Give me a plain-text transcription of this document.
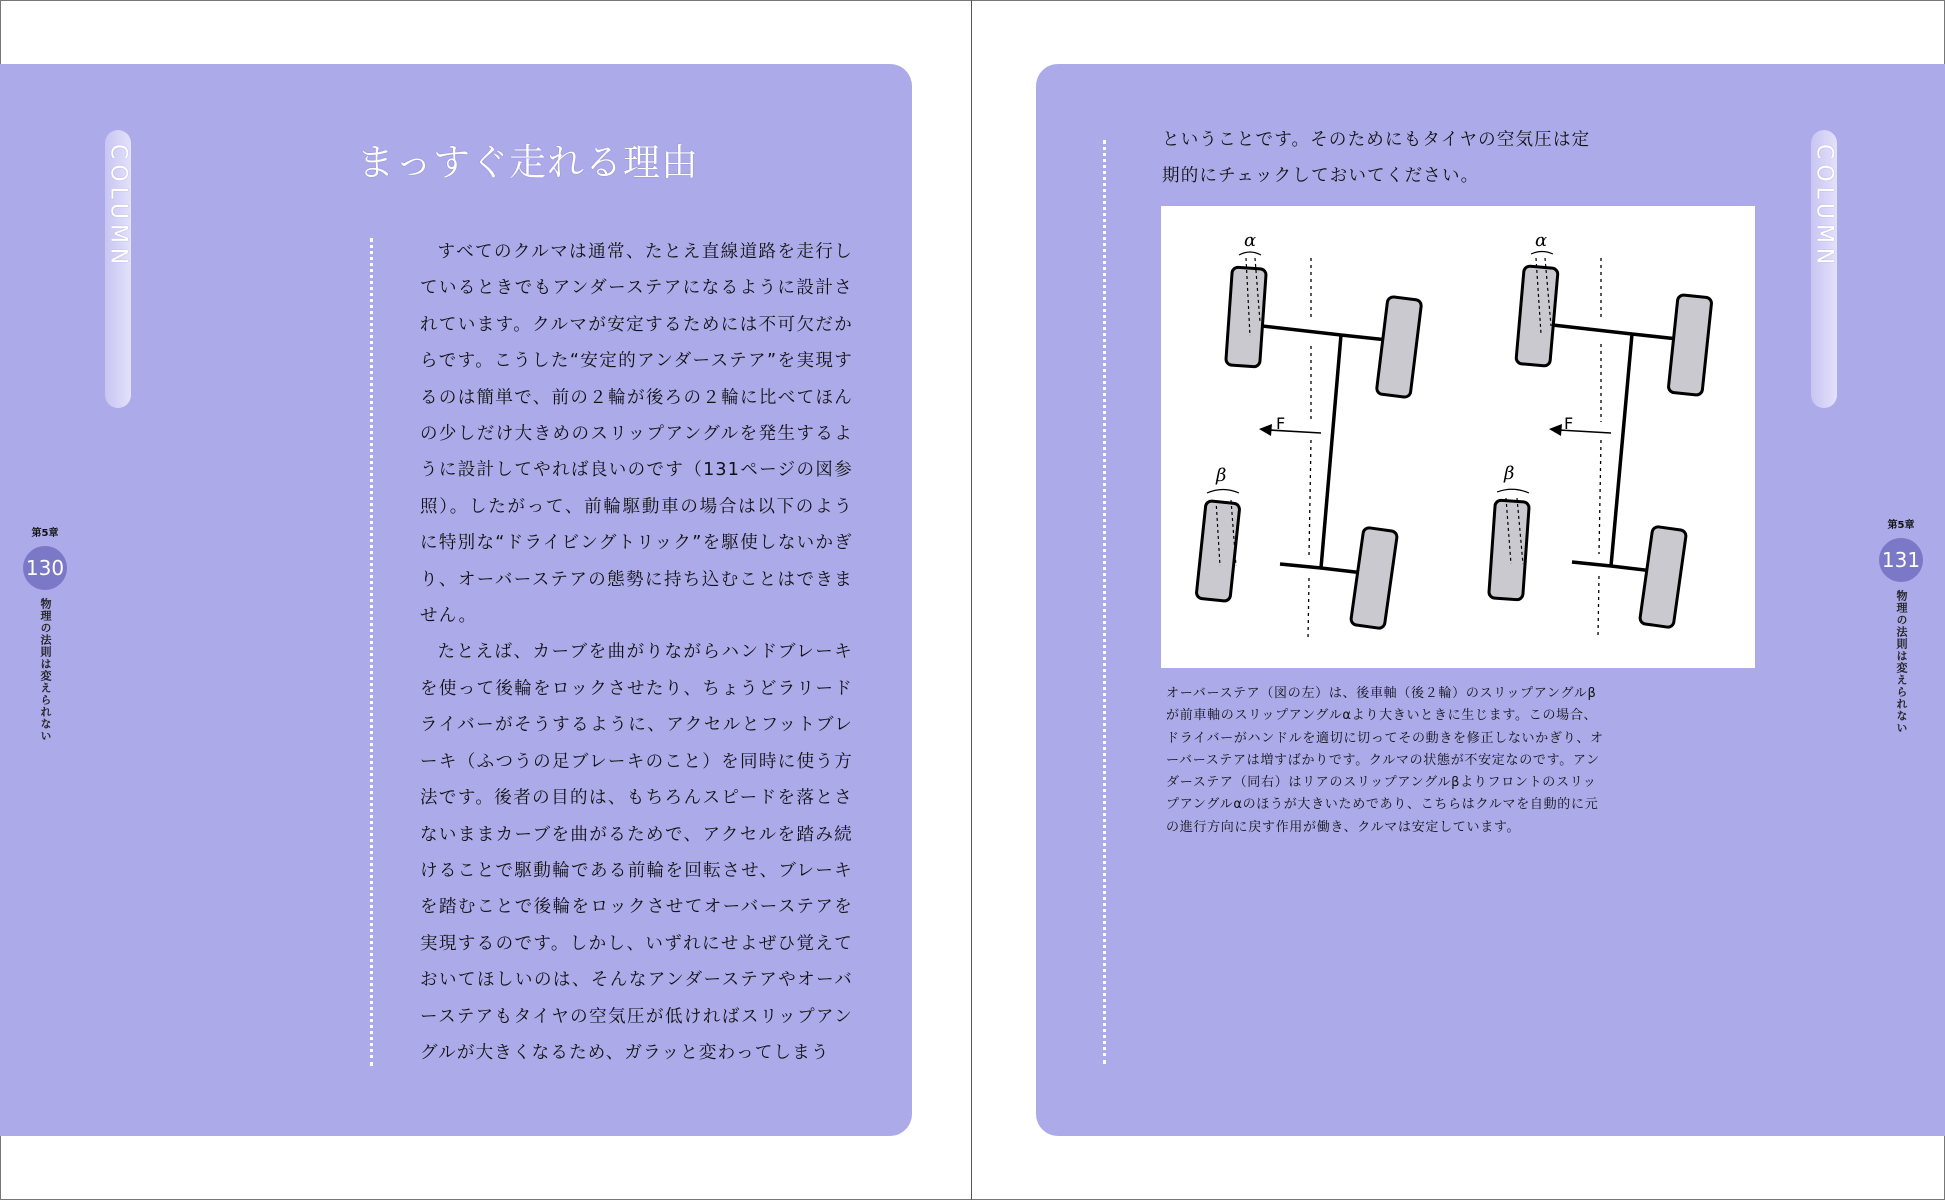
COLUMN	まっすぐ走れる理由

すべてのクルマは通常、たとえ直線道路を走行しているときでもアンダーステアになるように設計されています。クルマが安定するためには不可欠だからです。こうした“安定的アンダーステア”を実現するのは簡単で、前の２輪が後ろの２輪に比べてほんの少しだけ大きめのスリップアングルを発生するように設計してやれば良いのです（131ページの図参照）。したがって、前輪駆動車の場合は以下のように特別な“ドライビングトリック”を駆使しないかぎり、オーバーステアの態勢に持ち込むことはできません。

たとえば、カーブを曲がりながらハンドブレーキを使って後輪をロックさせたり、ちょうどラリードライバーがそうするように、アクセルとフットブレーキ（ふつうの足ブレーキのこと）を同時に使う方法です。後者の目的は、もちろんスピードを落とさないままカーブを曲がるためで、アクセルを踏み続けることで駆動輪である前輪を回転させ、ブレーキを踏むことで後輪をロックさせてオーバーステアを実現するのです。しかし、いずれにせよぜひ覚えておいてほしいのは、そんなアンダーステアやオーバーステアもタイヤの空気圧が低ければスリップアングルが大きくなるため、ガラッと変わってしまう

第5章
130
物理の法則は変えられない
COLUMN
ということです。そのためにもタイヤの空気圧は定期的にチェックしておいてください。
α	α
β	β
F	F
オーバーステア（図の左）は、後車軸（後２輪）のスリップアングルβが前車軸のスリップアングルαより大きいときに生じます。この場合、ドライバーがハンドルを適切に切ってその動きを修正しないかぎり、オーバーステアは増すばかりです。クルマの状態が不安定なのです。アンダーステア（同右）はリアのスリップアングルβよりフロントのスリップアングルαのほうが大きいためであり、こちらはクルマを自動的に元の進行方向に戻す作用が働き、クルマは安定しています。
第5章
131
物理の法則は変えられない
